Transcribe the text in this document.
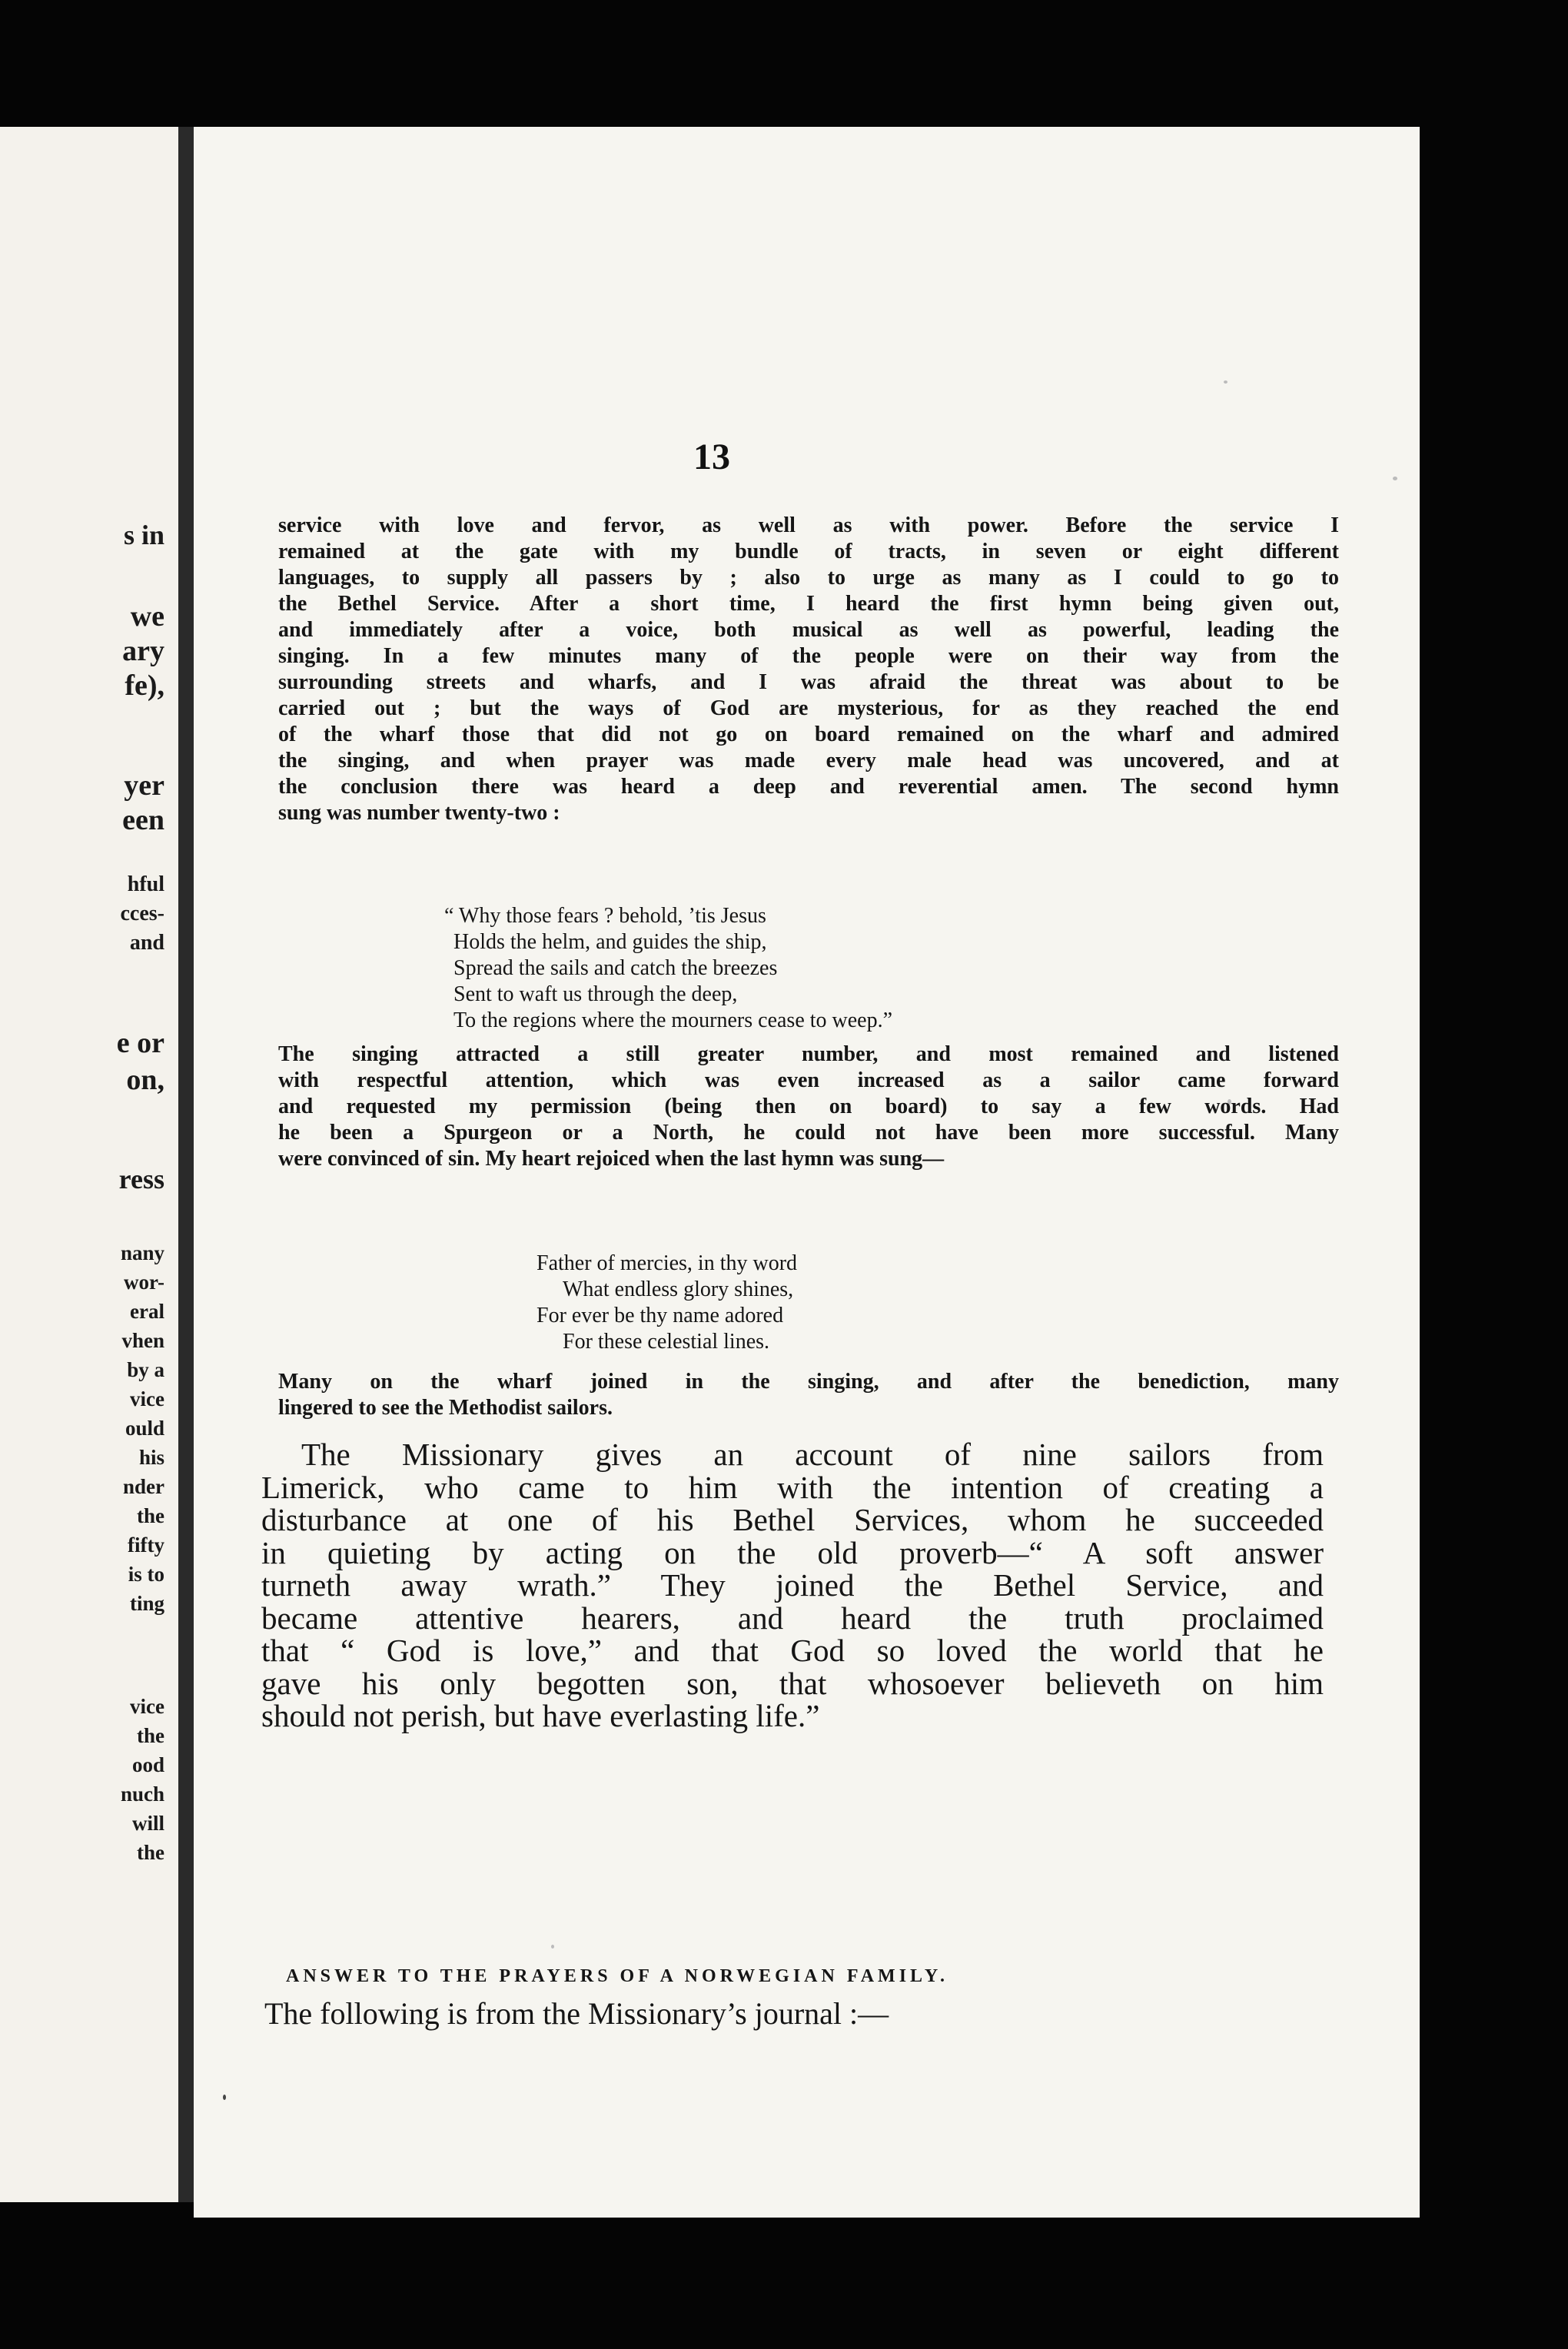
s in
we
ary
fe),
yer
een
hful
cces-
and
e or
on,
ress
nany
wor-
eral
vhen
by a
vice
ould
his
nder
the
fifty
is to
ting
vice
the
ood
nuch
will
the
13

service with love and fervor, as well as with power. Before the service I

remained at the gate with my bundle of tracts, in seven or eight different

languages, to supply all passers by ; also to urge as many as I could to go to

the Bethel Service. After a short time, I heard the first hymn being given out,

and immediately after a voice, both musical as well as powerful, leading the

singing. In a few minutes many of the people were on their way from the

surrounding streets and wharfs, and I was afraid the threat was about to be

carried out ; but the ways of God are mysterious, for as they reached the end

of the wharf those that did not go on board remained on the wharf and admired

the singing, and when prayer was made every male head was uncovered, and at

the conclusion there was heard a deep and reverential amen. The second hymn

sung was number twenty-two :

“ Why those fears ? behold, ’tis Jesus
Holds the helm, and guides the ship,
Spread the sails and catch the breezes
Sent to waft us through the deep,
To the regions where the mourners cease to weep.”

The singing attracted a still greater number, and most remained and listened

with respectful attention, which was even increased as a sailor came forward

and requested my permission (being then on board) to say a few words. Had

he been a Spurgeon or a North, he could not have been more successful. Many

were convinced of sin. My heart rejoiced when the last hymn was sung—

Father of mercies, in thy word
What endless glory shines,
For ever be thy name adored
For these celestial lines.

Many on the wharf joined in the singing, and after the benediction, many

lingered to see the Methodist sailors.

The Missionary gives an account of nine sailors from

Limerick, who came to him with the intention of creating a

disturbance at one of his Bethel Services, whom he succeeded

in quieting by acting on the old proverb—“ A soft answer

turneth away wrath.” They joined the Bethel Service, and

became attentive hearers, and heard the truth proclaimed

that “ God is love,” and that God so loved the world that he

gave his only begotten son, that whosoever believeth on him

should not perish, but have everlasting life.”

ANSWER TO THE PRAYERS OF A NORWEGIAN FAMILY.
The following is from the Missionary’s journal :—
